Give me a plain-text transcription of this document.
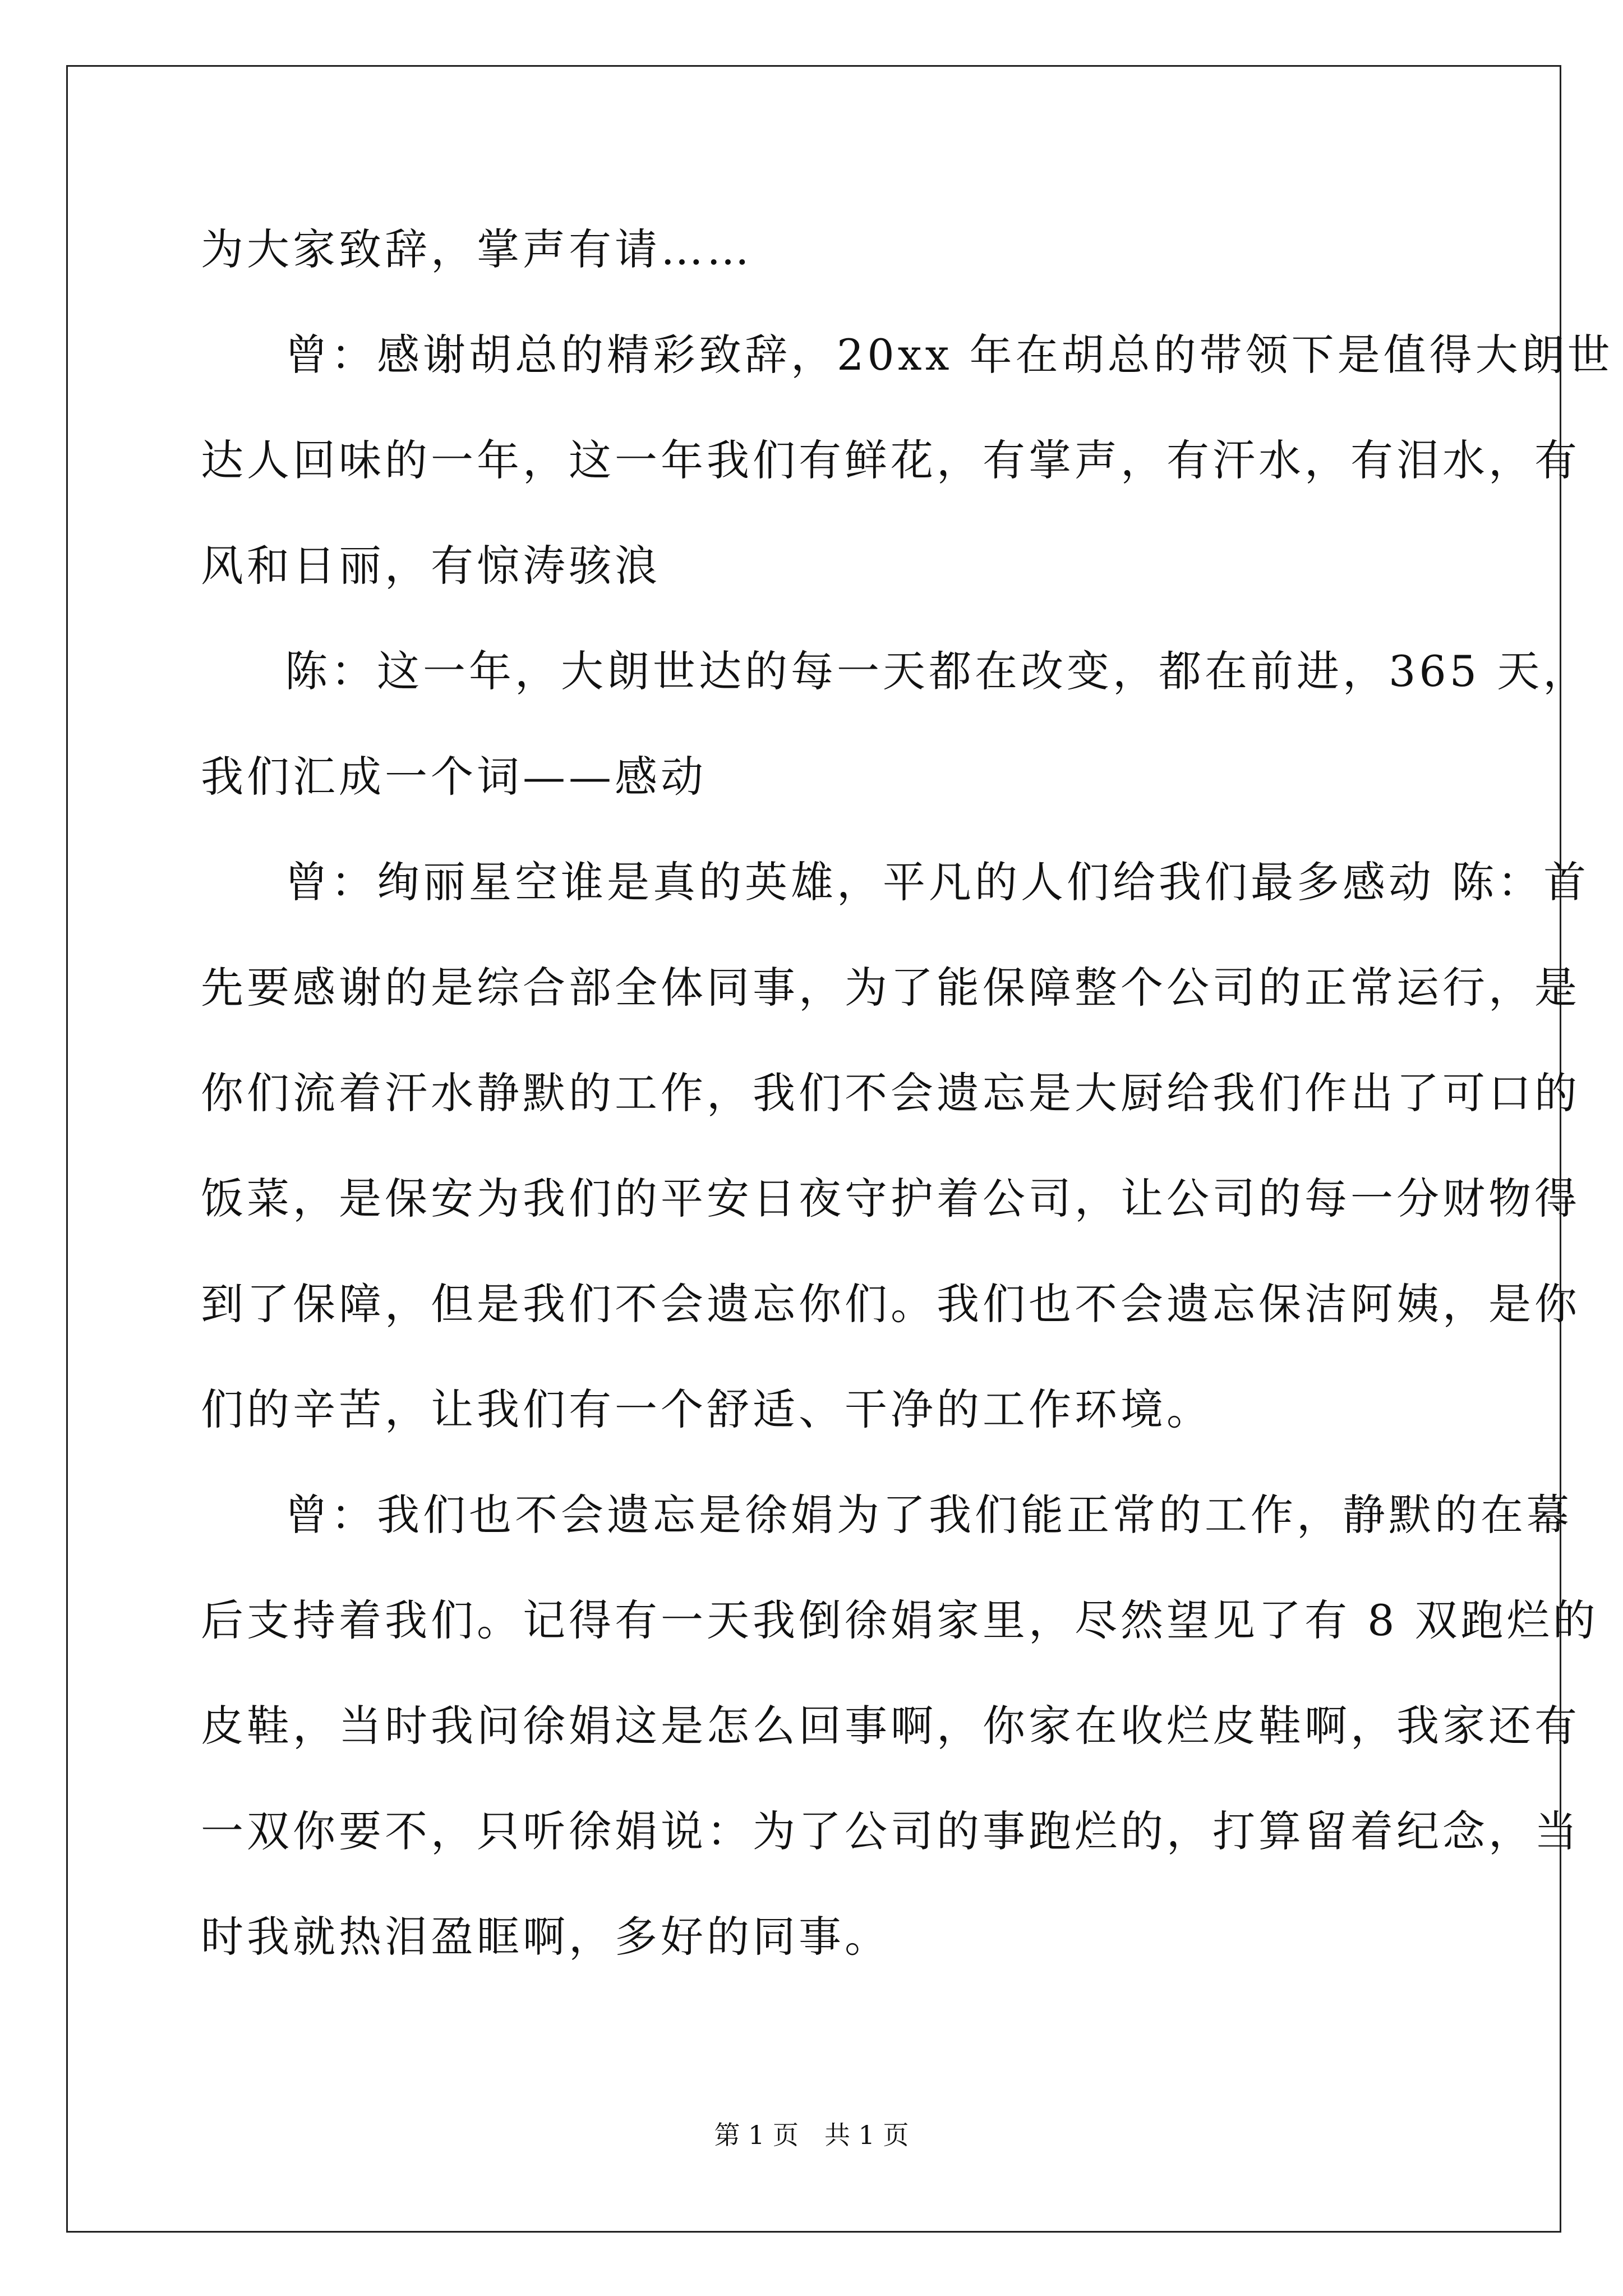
为大家致辞，掌声有请……
曾：感谢胡总的精彩致辞，20xx 年在胡总的带领下是值得大朗世
达人回味的一年，这一年我们有鲜花，有掌声，有汗水，有泪水，有
风和日丽，有惊涛骇浪
陈：这一年，大朗世达的每一天都在改变，都在前进，365 天，
我们汇成一个词——感动
曾：绚丽星空谁是真的英雄，平凡的人们给我们最多感动 陈：首
先要感谢的是综合部全体同事，为了能保障整个公司的正常运行，是
你们流着汗水静默的工作，我们不会遗忘是大厨给我们作出了可口的
饭菜，是保安为我们的平安日夜守护着公司，让公司的每一分财物得
到了保障，但是我们不会遗忘你们。我们也不会遗忘保洁阿姨，是你
们的辛苦，让我们有一个舒适、干净的工作环境。
曾：我们也不会遗忘是徐娟为了我们能正常的工作，静默的在幕
后支持着我们。记得有一天我倒徐娟家里，尽然望见了有 8 双跑烂的
皮鞋，当时我问徐娟这是怎么回事啊，你家在收烂皮鞋啊，我家还有
一双你要不，只听徐娟说：为了公司的事跑烂的，打算留着纪念，当
时我就热泪盈眶啊，多好的同事。
第 1 页　共 1 页
